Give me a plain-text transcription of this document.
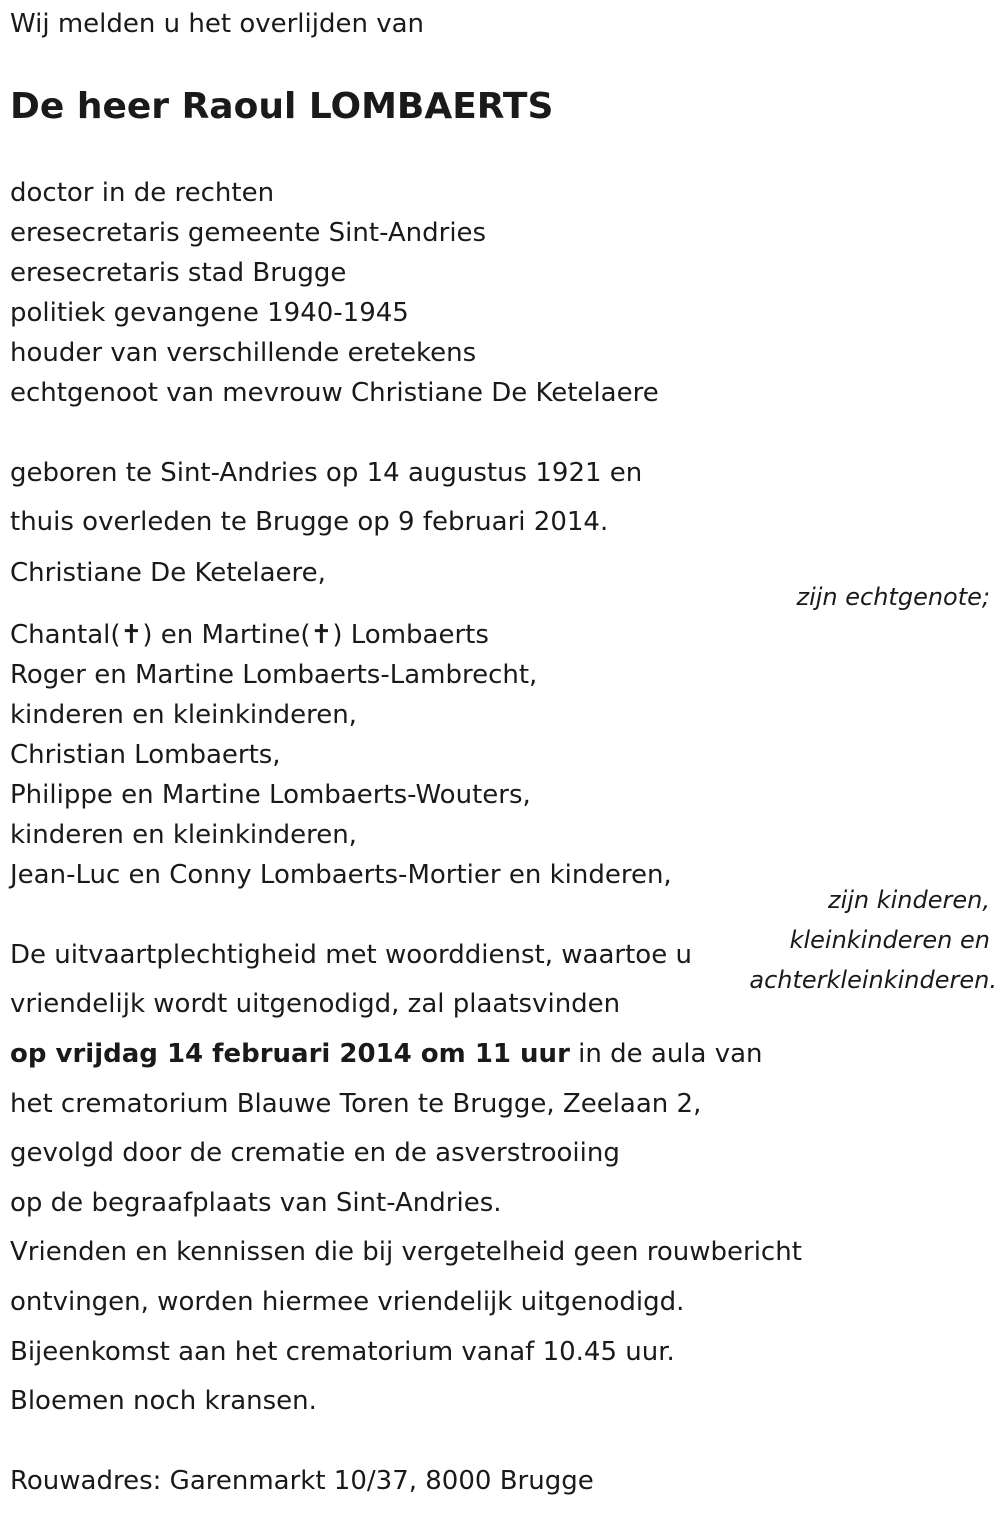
Wij melden u het overlijden van
De heer Raoul LOMBAERTS
doctor in de rechten
eresecretaris gemeente Sint-Andries
eresecretaris stad Brugge
politiek gevangene 1940-1945
houder van verschillende eretekens
echtgenoot van mevrouw Christiane De Ketelaere
geboren te Sint-Andries op 14 augustus 1921 en
thuis overleden te Brugge op 9 februari 2014.
Christiane De Ketelaere,
zijn echtgenote;
Chantal(✝) en Martine(✝) Lombaerts
Roger en Martine Lombaerts-Lambrecht,
kinderen en kleinkinderen,
Christian Lombaerts,
Philippe en Martine Lombaerts-Wouters,
kinderen en kleinkinderen,
Jean-Luc en Conny Lombaerts-Mortier en kinderen,
zijn kinderen,
kleinkinderen en
achterkleinkinderen.
De uitvaartplechtigheid met woorddienst, waartoe u
vriendelijk wordt uitgenodigd, zal plaatsvinden
op vrijdag 14 februari 2014 om 11 uur in de aula van
het crematorium Blauwe Toren te Brugge, Zeelaan 2,
gevolgd door de crematie en de asverstrooiing
op de begraafplaats van Sint-Andries.
Vrienden en kennissen die bij vergetelheid geen rouwbericht
ontvingen, worden hiermee vriendelijk uitgenodigd.
Bijeenkomst aan het crematorium vanaf 10.45 uur.
Bloemen noch kransen.
Rouwadres: Garenmarkt 10/37, 8000 Brugge
